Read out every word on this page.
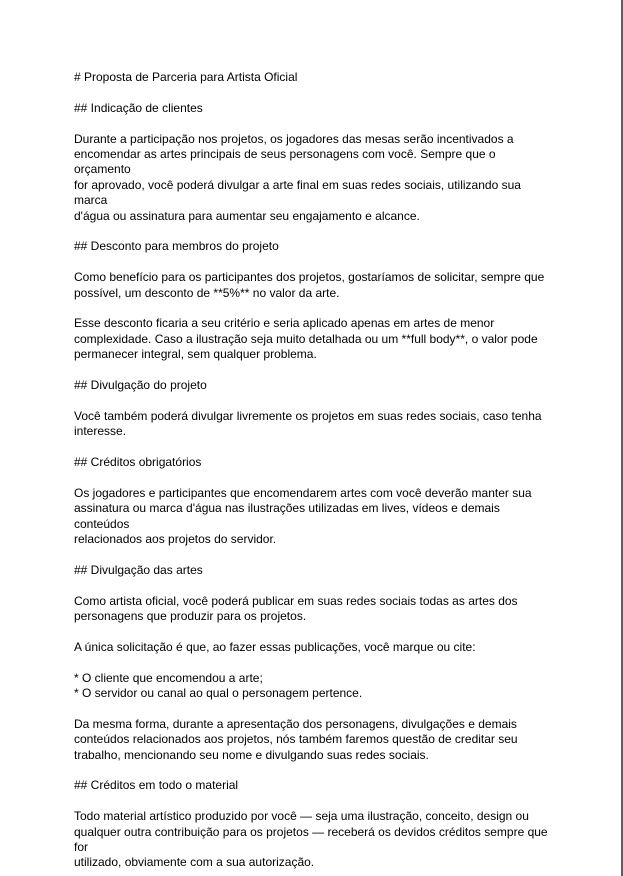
# Proposta de Parceria para Artista Oficial
## Indicação de clientes
Durante a participação nos projetos, os jogadores das mesas serão incentivados a
encomendar as artes principais de seus personagens com você. Sempre que o orçamento
for aprovado, você poderá divulgar a arte final em suas redes sociais, utilizando sua marca
d'água ou assinatura para aumentar seu engajamento e alcance.
## Desconto para membros do projeto
Como benefício para os participantes dos projetos, gostaríamos de solicitar, sempre que
possível, um desconto de **5%** no valor da arte.
Esse desconto ficaria a seu critério e seria aplicado apenas em artes de menor
complexidade. Caso a ilustração seja muito detalhada ou um **full body**, o valor pode
permanecer integral, sem qualquer problema.
## Divulgação do projeto
Você também poderá divulgar livremente os projetos em suas redes sociais, caso tenha
interesse.
## Créditos obrigatórios
Os jogadores e participantes que encomendarem artes com você deverão manter sua
assinatura ou marca d'água nas ilustrações utilizadas em lives, vídeos e demais conteúdos
relacionados aos projetos do servidor.
## Divulgação das artes
Como artista oficial, você poderá publicar em suas redes sociais todas as artes dos
personagens que produzir para os projetos.
A única solicitação é que, ao fazer essas publicações, você marque ou cite:
* O cliente que encomendou a arte;
* O servidor ou canal ao qual o personagem pertence.
Da mesma forma, durante a apresentação dos personagens, divulgações e demais
conteúdos relacionados aos projetos, nós também faremos questão de creditar seu
trabalho, mencionando seu nome e divulgando suas redes sociais.
## Créditos em todo o material
Todo material artístico produzido por você — seja uma ilustração, conceito, design ou
qualquer outra contribuição para os projetos — receberá os devidos créditos sempre que for
utilizado, obviamente com a sua autorização.
